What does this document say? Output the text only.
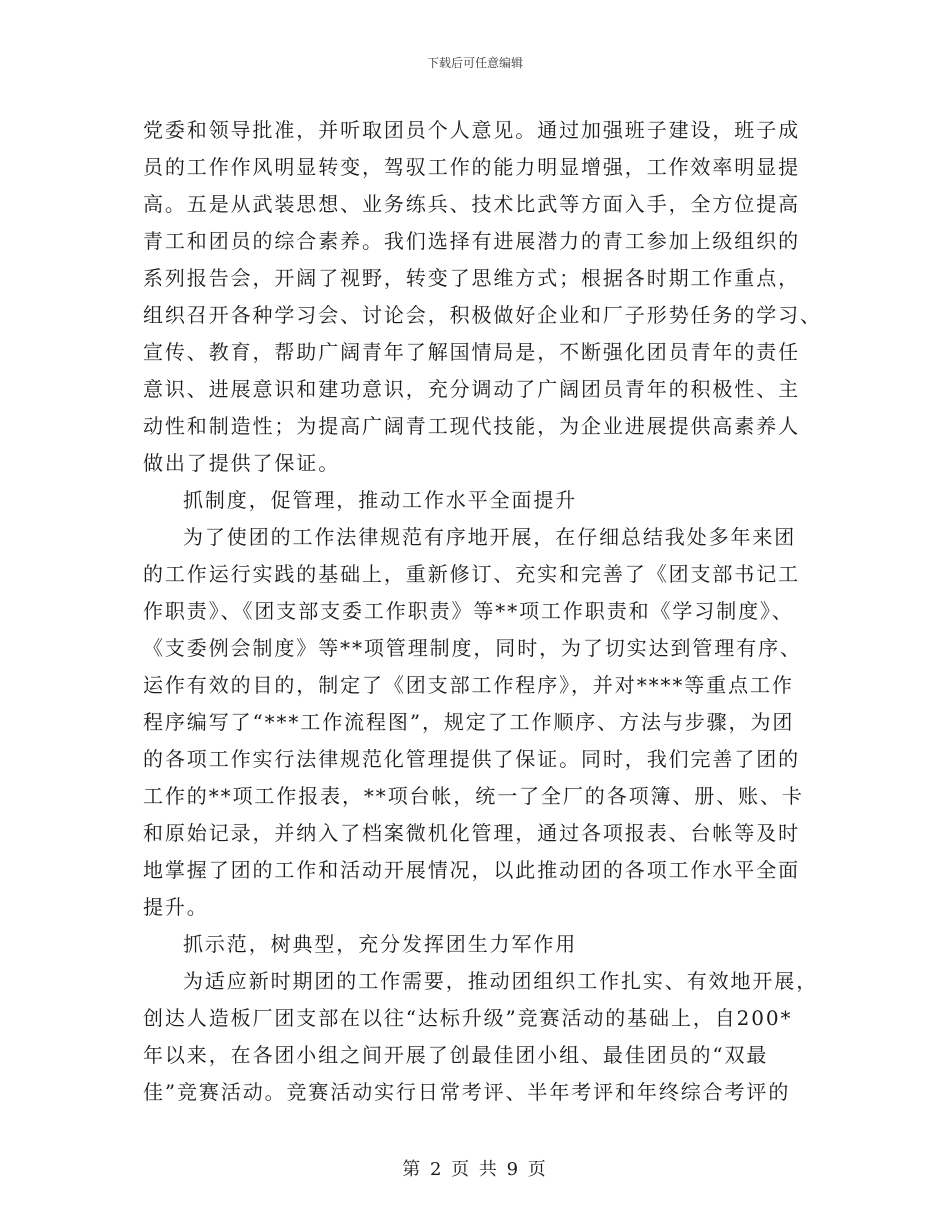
下载后可任意编辑
党委和领导批准，并听取团员个人意见。通过加强班子建设，班子成
员的工作作风明显转变，驾驭工作的能力明显增强，工作效率明显提
高。五是从武装思想、业务练兵、技术比武等方面入手，全方位提高
青工和团员的综合素养。我们选择有进展潜力的青工参加上级组织的
系列报告会，开阔了视野，转变了思维方式；根据各时期工作重点，
组织召开各种学习会、讨论会，积极做好企业和厂子形势任务的学习、
宣传、教育，帮助广阔青年了解国情局是，不断强化团员青年的责任
意识、进展意识和建功意识，充分调动了广阔团员青年的积极性、主
动性和制造性；为提高广阔青工现代技能，为企业进展提供高素养人
做出了提供了保证。
抓制度，促管理，推动工作水平全面提升
为了使团的工作法律规范有序地开展，在仔细总结我处多年来团
的工作运行实践的基础上，重新修订、充实和完善了《团支部书记工
作职责》、《团支部支委工作职责》等**项工作职责和《学习制度》、
《支委例会制度》等**项管理制度，同时，为了切实达到管理有序、
运作有效的目的，制定了《团支部工作程序》，并对****等重点工作
程序编写了“***工作流程图”，规定了工作顺序、方法与步骤，为团
的各项工作实行法律规范化管理提供了保证。同时，我们完善了团的
工作的**项工作报表，**项台帐，统一了全厂的各项簿、册、账、卡
和原始记录，并纳入了档案微机化管理，通过各项报表、台帐等及时
地掌握了团的工作和活动开展情况，以此推动团的各项工作水平全面
提升。
抓示范，树典型，充分发挥团生力军作用
为适应新时期团的工作需要，推动团组织工作扎实、有效地开展，
创达人造板厂团支部在以往“达标升级”竞赛活动的基础上，自200*
年以来，在各团小组之间开展了创最佳团小组、最佳团员的“双最
佳”竞赛活动。竞赛活动实行日常考评、半年考评和年终综合考评的
第 2 页 共 9 页
